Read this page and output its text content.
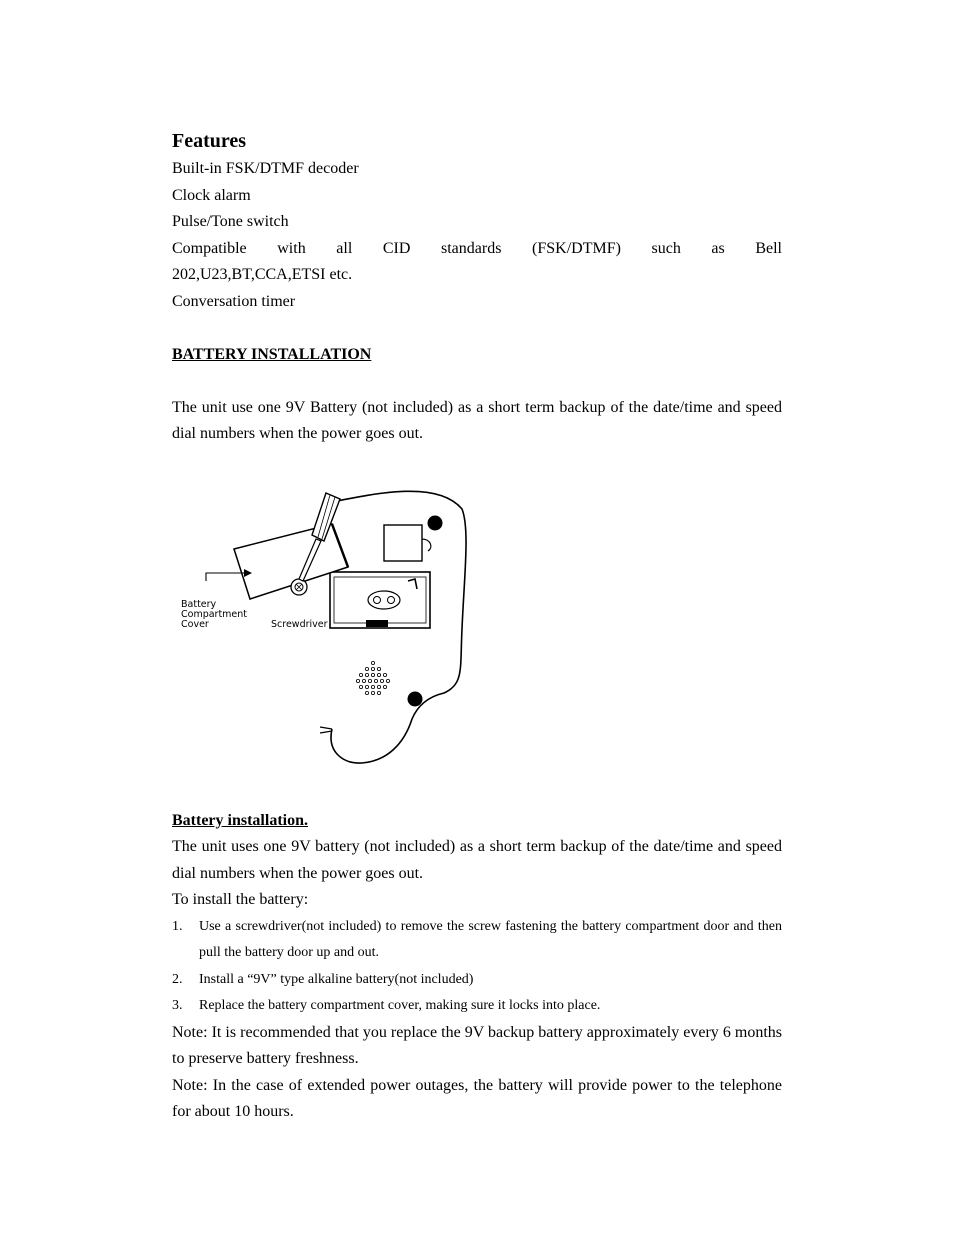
Features

Built-in FSK/DTMF decoder

Clock alarm

Pulse/Tone switch

Compatible with all CID standards (FSK/DTMF) such as Bell

202,U23,BT,CCA,ETSI etc.

Conversation timer

BATTERY INSTALLATION

The unit use one 9V Battery (not included) as a short term backup of the date/time and speed dial numbers when the power goes out.

Battery
Compartment
Cover	Screwdriver

Battery installation.

The unit uses one 9V battery (not included) as a short term backup of the date/time and speed dial numbers when the power goes out.

To install the battery:

1. Use a screwdriver(not included) to remove the screw fastening the battery compartment door and then pull the battery door up and out.
2. Install a “9V” type alkaline battery(not included)
3. Replace the battery compartment cover, making sure it locks into place.

Note: It is recommended that you replace the 9V backup battery approximately every 6 months to preserve battery freshness.

Note: In the case of extended power outages, the battery will provide power to the telephone for about 10 hours.
